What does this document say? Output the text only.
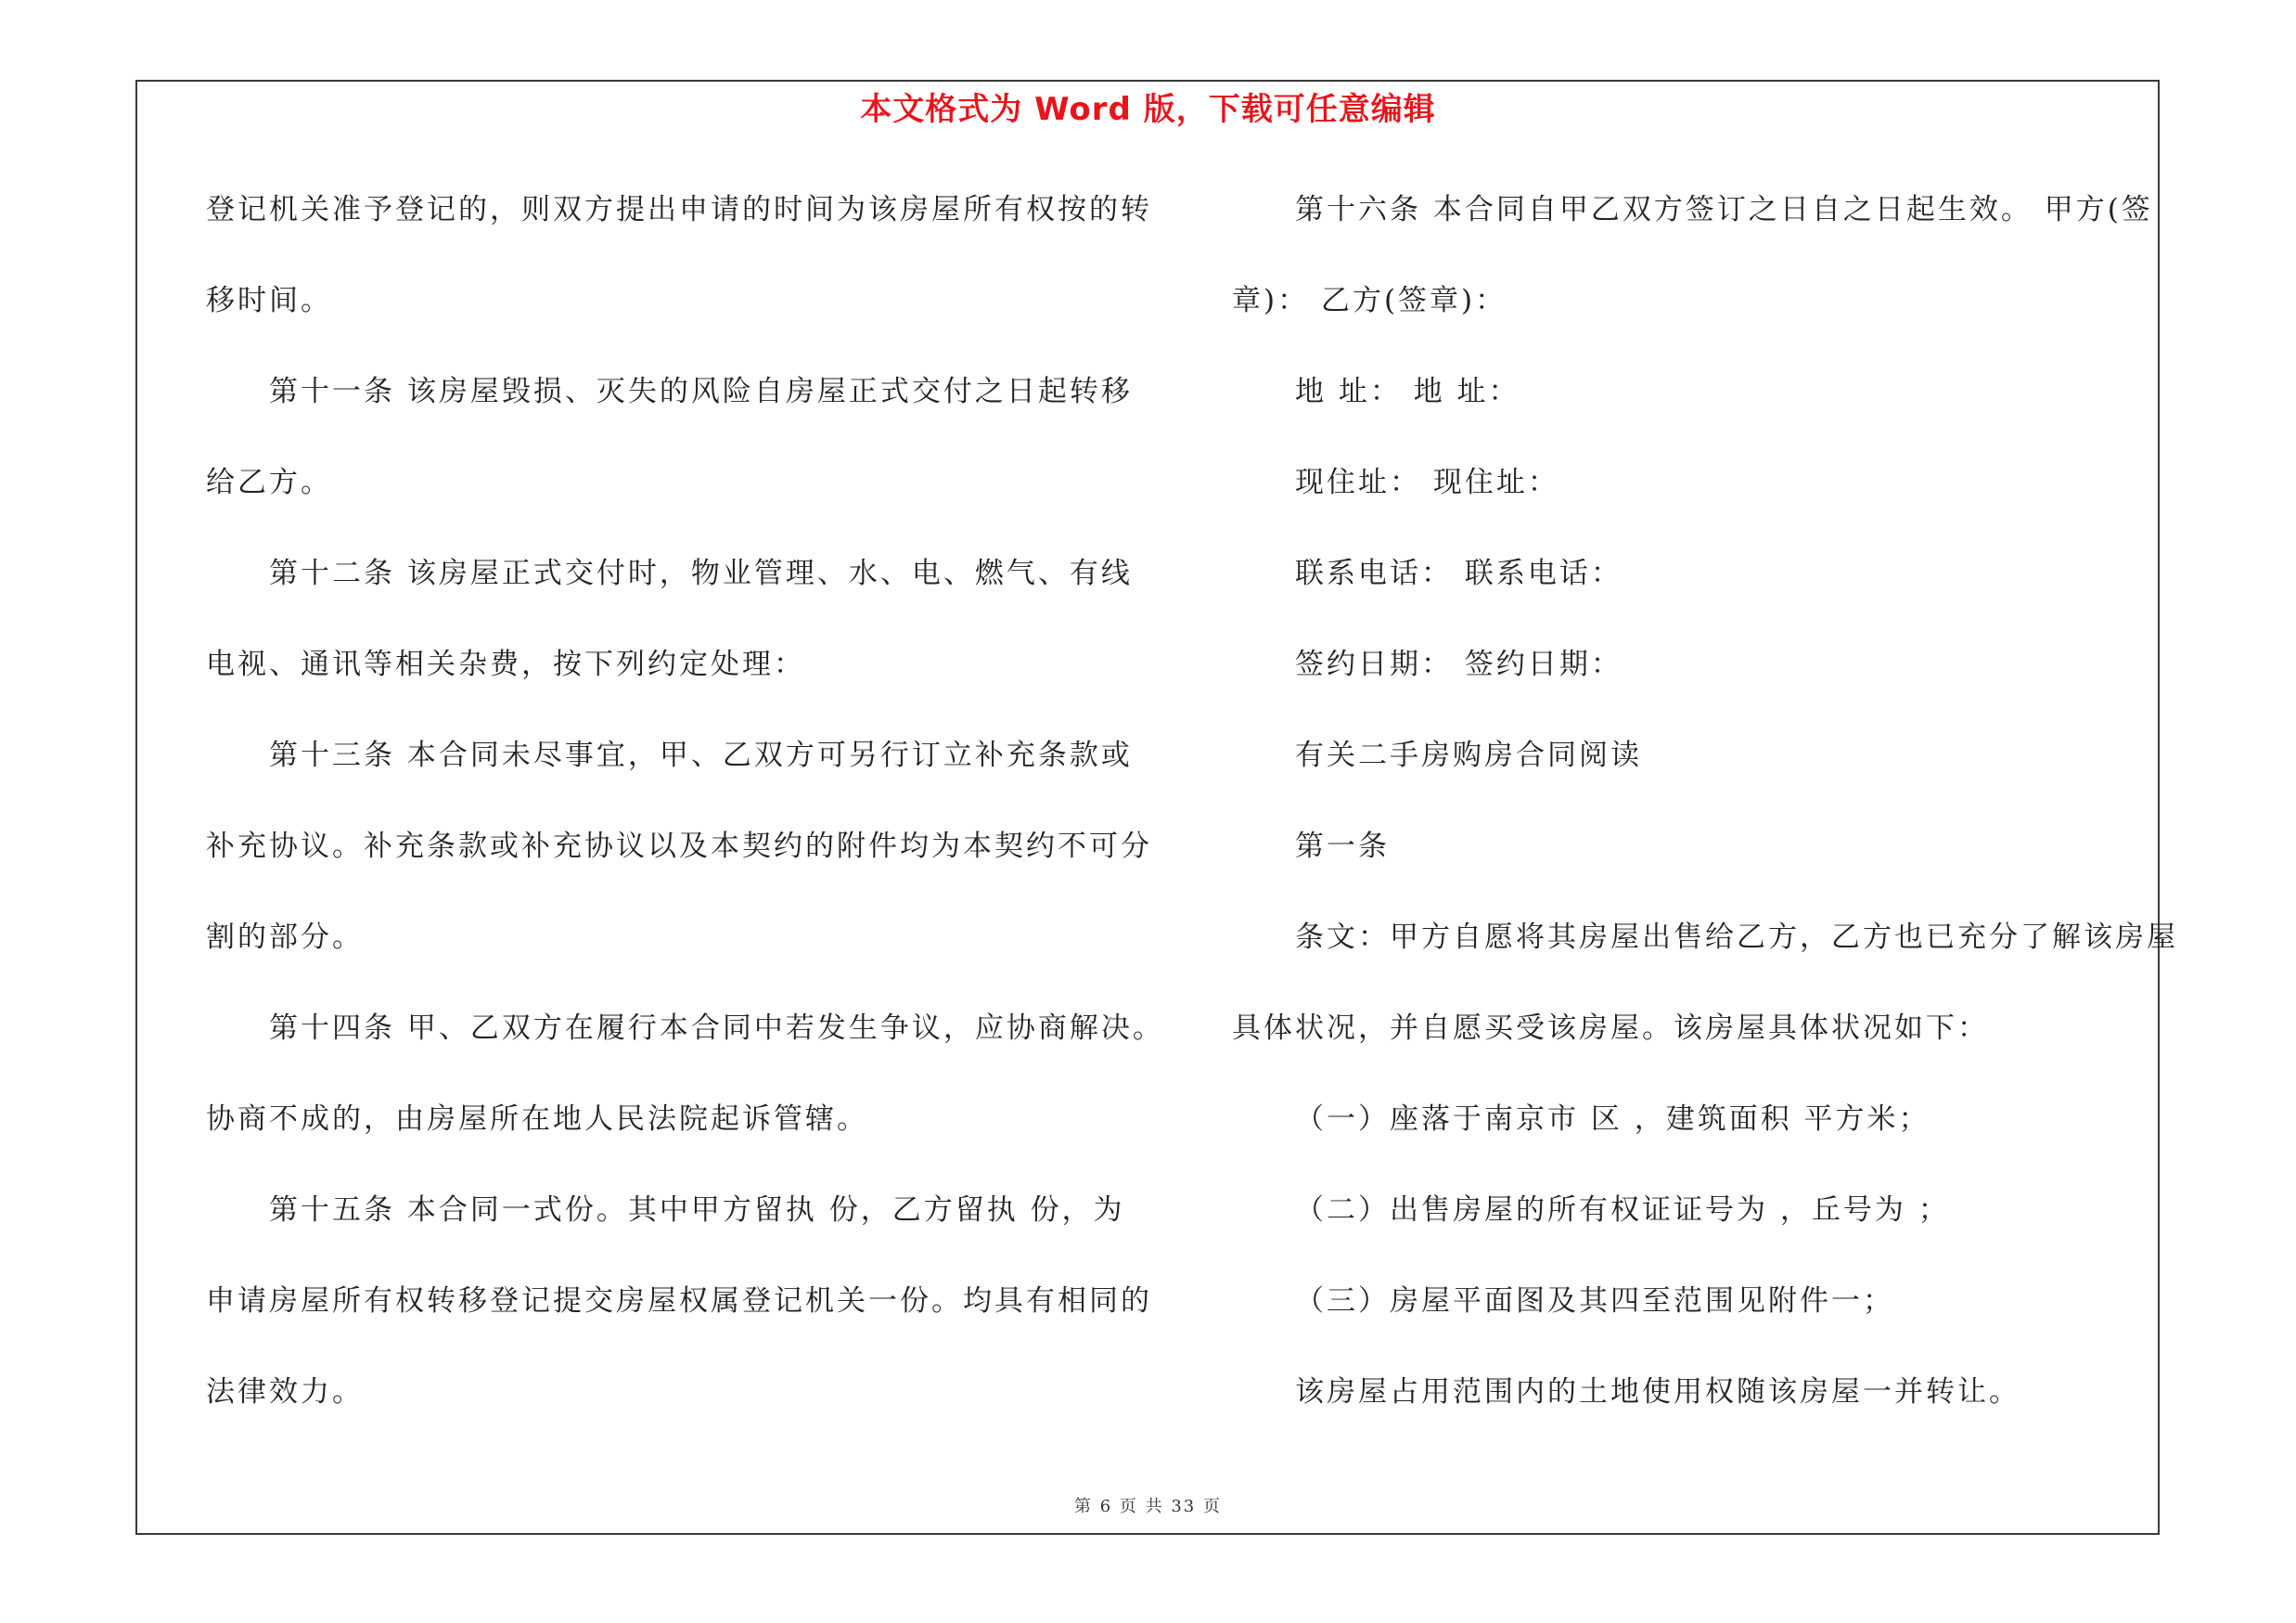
本文格式为 Word 版，下载可任意编辑
登记机关准予登记的，则双方提出申请的时间为该房屋所有权按的转
移时间。
第十一条 该房屋毁损、灭失的风险自房屋正式交付之日起转移
给乙方。
第十二条 该房屋正式交付时，物业管理、水、电、燃气、有线
电视、通讯等相关杂费，按下列约定处理：
第十三条 本合同未尽事宜，甲、乙双方可另行订立补充条款或
补充协议。补充条款或补充协议以及本契约的附件均为本契约不可分
割的部分。
第十四条 甲、乙双方在履行本合同中若发生争议，应协商解决。
协商不成的，由房屋所在地人民法院起诉管辖。
第十五条 本合同一式份。其中甲方留执 份，乙方留执 份，为
申请房屋所有权转移登记提交房屋权属登记机关一份。均具有相同的
法律效力。
第十六条 本合同自甲乙双方签订之日自之日起生效。 甲方(签
章)： 乙方(签章)：
地 址： 地 址：
现住址： 现住址：
联系电话： 联系电话：
签约日期： 签约日期：
有关二手房购房合同阅读
第一条
条文：甲方自愿将其房屋出售给乙方，乙方也已充分了解该房屋
具体状况，并自愿买受该房屋。该房屋具体状况如下：
（一）座落于南京市 区 ，建筑面积 平方米；
（二）出售房屋的所有权证证号为 ，丘号为 ；
（三）房屋平面图及其四至范围见附件一；
该房屋占用范围内的土地使用权随该房屋一并转让。
第 6 页 共 33 页
